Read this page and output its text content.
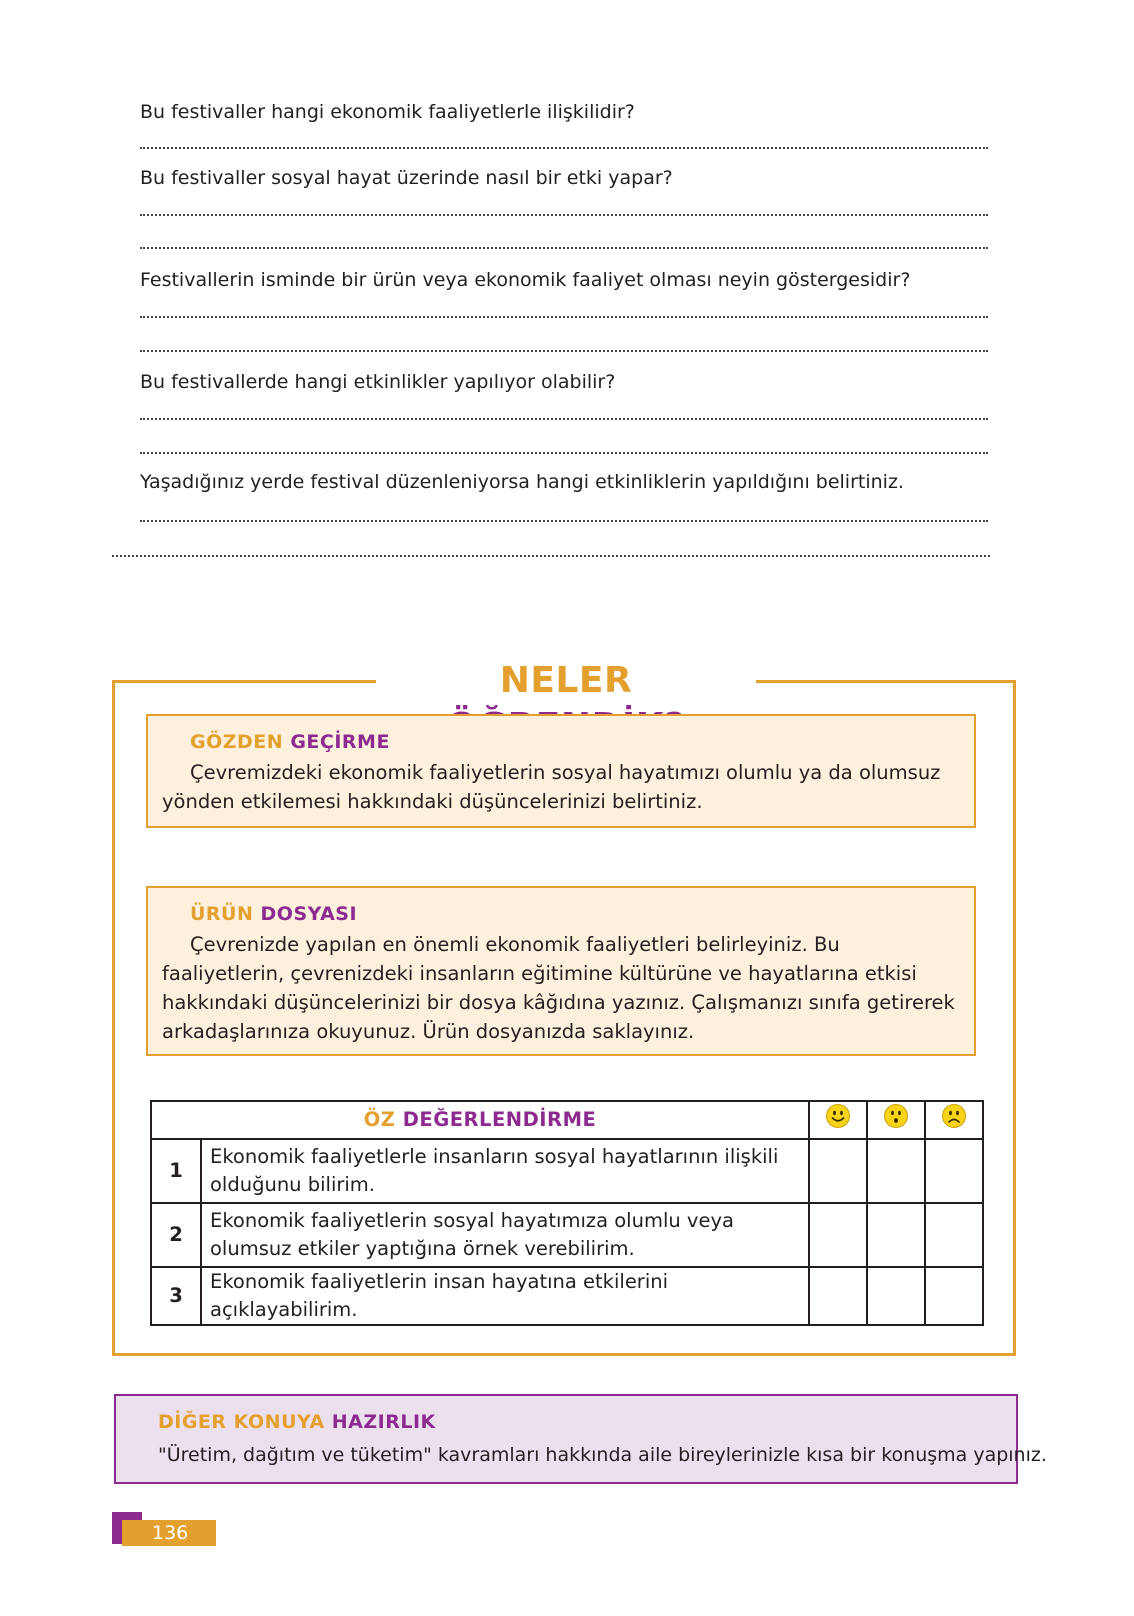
Bu festivaller hangi ekonomik faaliyetlerle ilişkilidir?
Bu festivaller sosyal hayat üzerinde nasıl bir etki yapar?
Festivallerin isminde bir ürün veya ekonomik faaliyet olması neyin göstergesidir?
Bu festivallerde hangi etkinlikler yapılıyor olabilir?
Yaşadığınız yerde festival düzenleniyorsa hangi etkinliklerin yapıldığını belirtiniz.
NELER
GÖZDEN GEÇİRME
Çevremizdeki ekonomik faaliyetlerin sosyal hayatımızı olumlu ya da olumsuz yönden etkilemesi hakkındaki düşüncelerinizi belirtiniz.
ÜRÜN DOSYASI
Çevrenizde yapılan en önemli ekonomik faaliyetleri belirleyiniz. Bu faaliyetlerin, çevrenizdeki insanların eğitimine kültürüne ve hayatlarına etkisi hakkındaki düşüncelerinizi bir dosya kâğıdına yazınız. Çalışmanızı sınıfa getirerek arkadaşlarınıza okuyunuz. Ürün dosyanızda saklayınız.
ÖZ DEĞERLENDİRME			
1	Ekonomik faaliyetlerle insanların sosyal hayatlarının ilişkili olduğunu bilirim.			
2	Ekonomik faaliyetlerin sosyal hayatımıza olumlu veya olumsuz etkiler yaptığına örnek verebilirim.			
3	Ekonomik faaliyetlerin insan hayatına etkilerini açıklayabilirim.			
DİĞER KONUYA HAZIRLIK
"Üretim, dağıtım ve tüketim" kavramları hakkında aile bireylerinizle kısa bir konuşma yapınız.
136
